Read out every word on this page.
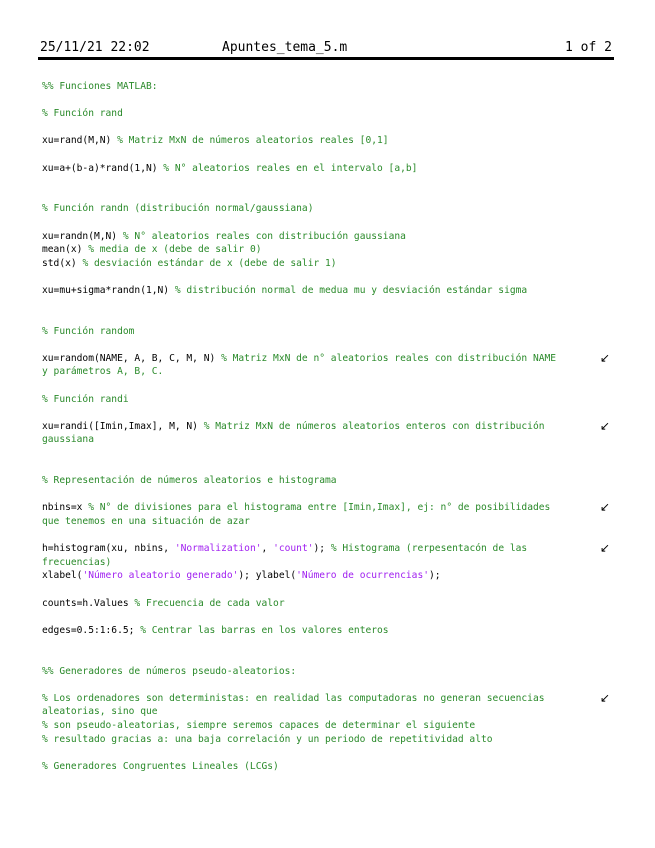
25/11/21 22:02	Apuntes_tema_5.m	1 of 2
%% Funciones MATLAB:
% Función rand
xu=rand(M,N) % Matriz MxN de números aleatorios reales [0,1]
xu=a+(b-a)*rand(1,N) % N° aleatorios reales en el intervalo [a,b]
% Función randn (distribución normal/gaussiana)
xu=randn(M,N) % N° aleatorios reales con distribución gaussiana
mean(x) % media de x (debe de salir 0)
std(x) % desviación estándar de x (debe de salir 1)
xu=mu+sigma*randn(1,N) % distribución normal de medua mu y desviación estándar sigma
% Función random
xu=random(NAME, A, B, C, M, N) % Matriz MxN de n° aleatorios reales con distribución NAME	↙
y parámetros A, B, C.
% Función randi
xu=randi([Imin,Imax], M, N) % Matriz MxN de números aleatorios enteros con distribución	↙
gaussiana
% Representación de números aleatorios e histograma
nbins=x % N° de divisiones para el histograma entre [Imin,Imax], ej: n° de posibilidades	↙
que tenemos en una situación de azar
h=histogram(xu, nbins, 'Normalization', 'count'); % Histograma (rerpesentacón de las	↙
frecuencias)
xlabel('Número aleatorio generado'); ylabel('Número de ocurrencias');
counts=h.Values % Frecuencia de cada valor
edges=0.5:1:6.5; % Centrar las barras en los valores enteros
%% Generadores de números pseudo-aleatorios:
% Los ordenadores son deterministas: en realidad las computadoras no generan secuencias	↙
aleatorias, sino que
% son pseudo-aleatorias, siempre seremos capaces de determinar el siguiente
% resultado gracias a: una baja correlación y un periodo de repetitividad alto
% Generadores Congruentes Lineales (LCGs)
